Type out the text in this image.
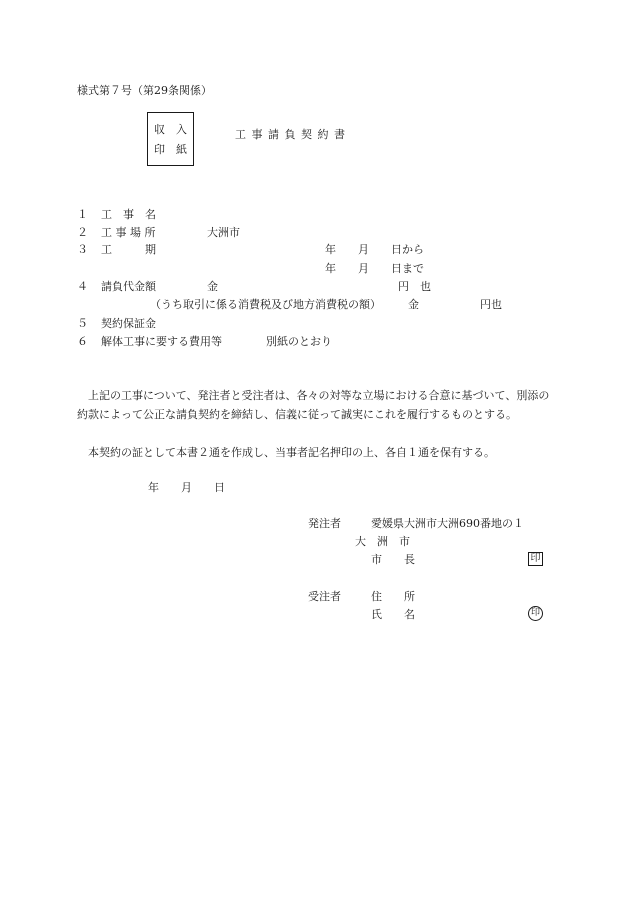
様式第７号（第29条関係）
収　入
印　紙
工 事 請 負 契 約 書
１ 工　事　名
２ 工 事 場 所	大洲市
３ 工　　　期	年　　月　　日から
年　　月　　日まで
４ 請負代金額	金	円　也
（うち取引に係る消費税及び地方消費税の額） 金	円也
５ 契約保証金
６ 解体工事に要する費用等	別紙のとおり
上記の工事について、発注者と受注者は、各々の対等な立場における合意に基づいて、別添の約款によって公正な請負契約を締結し、信義に従って誠実にこれを履行するものとする。
本契約の証として本書２通を作成し、当事者記名押印の上、各自１通を保有する。
年　　月　　日
発注者	愛媛県大洲市大洲690番地の１
大　洲　市
市　　長	印
受注者	住　　所
氏　　名	印
